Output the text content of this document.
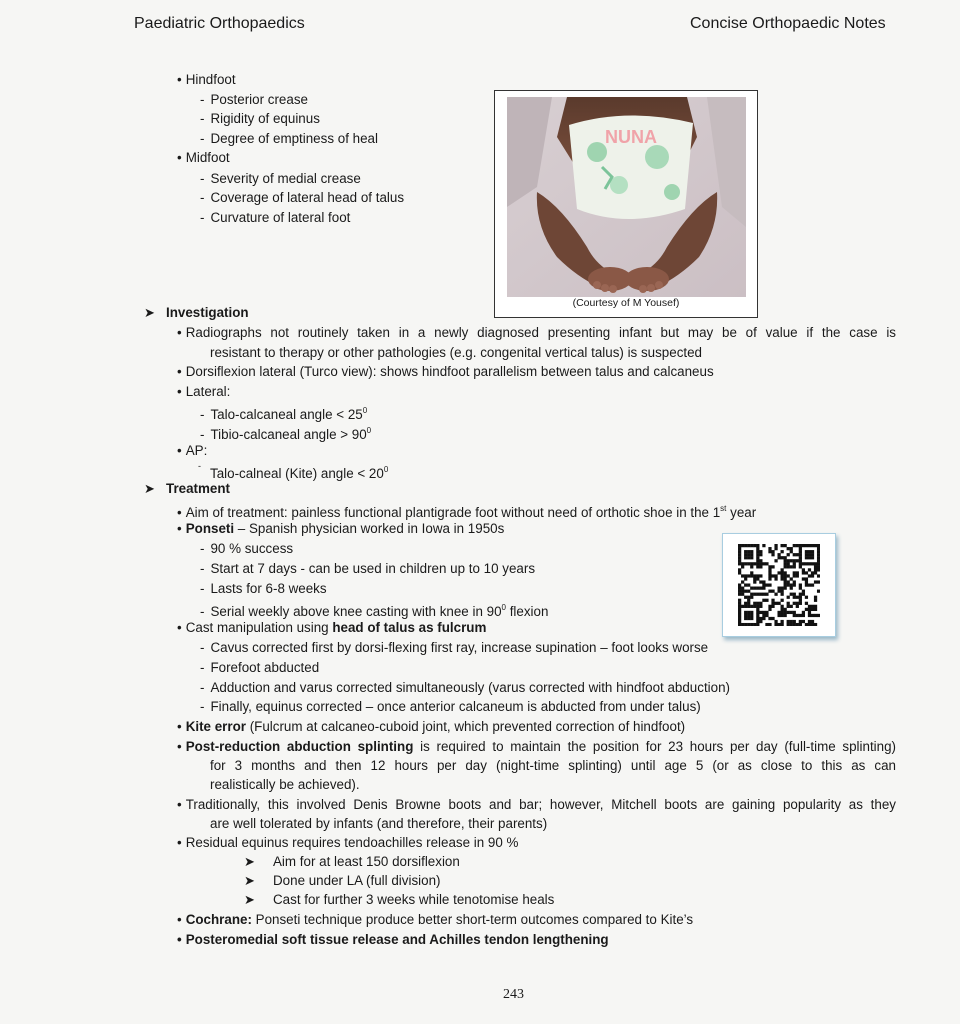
Paediatric Orthopaedics	Concise Orthopaedic Notes
• Hindfoot
- Posterior crease
- Rigidity of equinus
- Degree of emptiness of heal
• Midfoot
- Severity of medial crease
- Coverage of lateral head of talus
- Curvature of lateral foot
NUNA
(Courtesy of M Yousef)
➤ Investigation
• Radiographs not routinely taken in a newly diagnosed presenting infant but may be of value if the case is
resistant to therapy or other pathologies (e.g. congenital vertical talus) is suspected
• Dorsiflexion lateral (Turco view): shows hindfoot parallelism between talus and calcaneus
• Lateral:
- Talo-calcaneal angle < $25^0$
- Tibio-calcaneal angle > $90^0$
• AP:
- Talo-calneal (Kite) angle < $20^0$
➤ Treatment
• Aim of treatment: painless functional plantigrade foot without need of orthotic shoe in the 1st year
• Ponseti – Spanish physician worked in Iowa in 1950s
- 90 % success
- Start at 7 days - can be used in children up to 10 years
- Lasts for 6-8 weeks
- Serial weekly above knee casting with knee in $90^0$ flexion
• Cast manipulation using head of talus as fulcrum
- Cavus corrected first by dorsi-flexing first ray, increase supination – foot looks worse
- Forefoot abducted
- Adduction and varus corrected simultaneously (varus corrected with hindfoot abduction)
- Finally, equinus corrected – once anterior calcaneum is abducted from under talus)
• Kite error (Fulcrum at calcaneo-cuboid joint, which prevented correction of hindfoot)
• Post-reduction abduction splinting is required to maintain the position for 23 hours per day (full-time splinting)
for 3 months and then 12 hours per day (night-time splinting) until age 5 (or as close to this as can
realistically be achieved).
• Traditionally, this involved Denis Browne boots and bar; however, Mitchell boots are gaining popularity as they
are well tolerated by infants (and therefore, their parents)
• Residual equinus requires tendoachilles release in 90 %
➤ Aim for at least 150 dorsiflexion
➤ Done under LA (full division)
➤ Cast for further 3 weeks while tenotomise heals
• Cochrane: Ponseti technique produce better short-term outcomes compared to Kite’s
• Posteromedial soft tissue release and Achilles tendon lengthening
243
